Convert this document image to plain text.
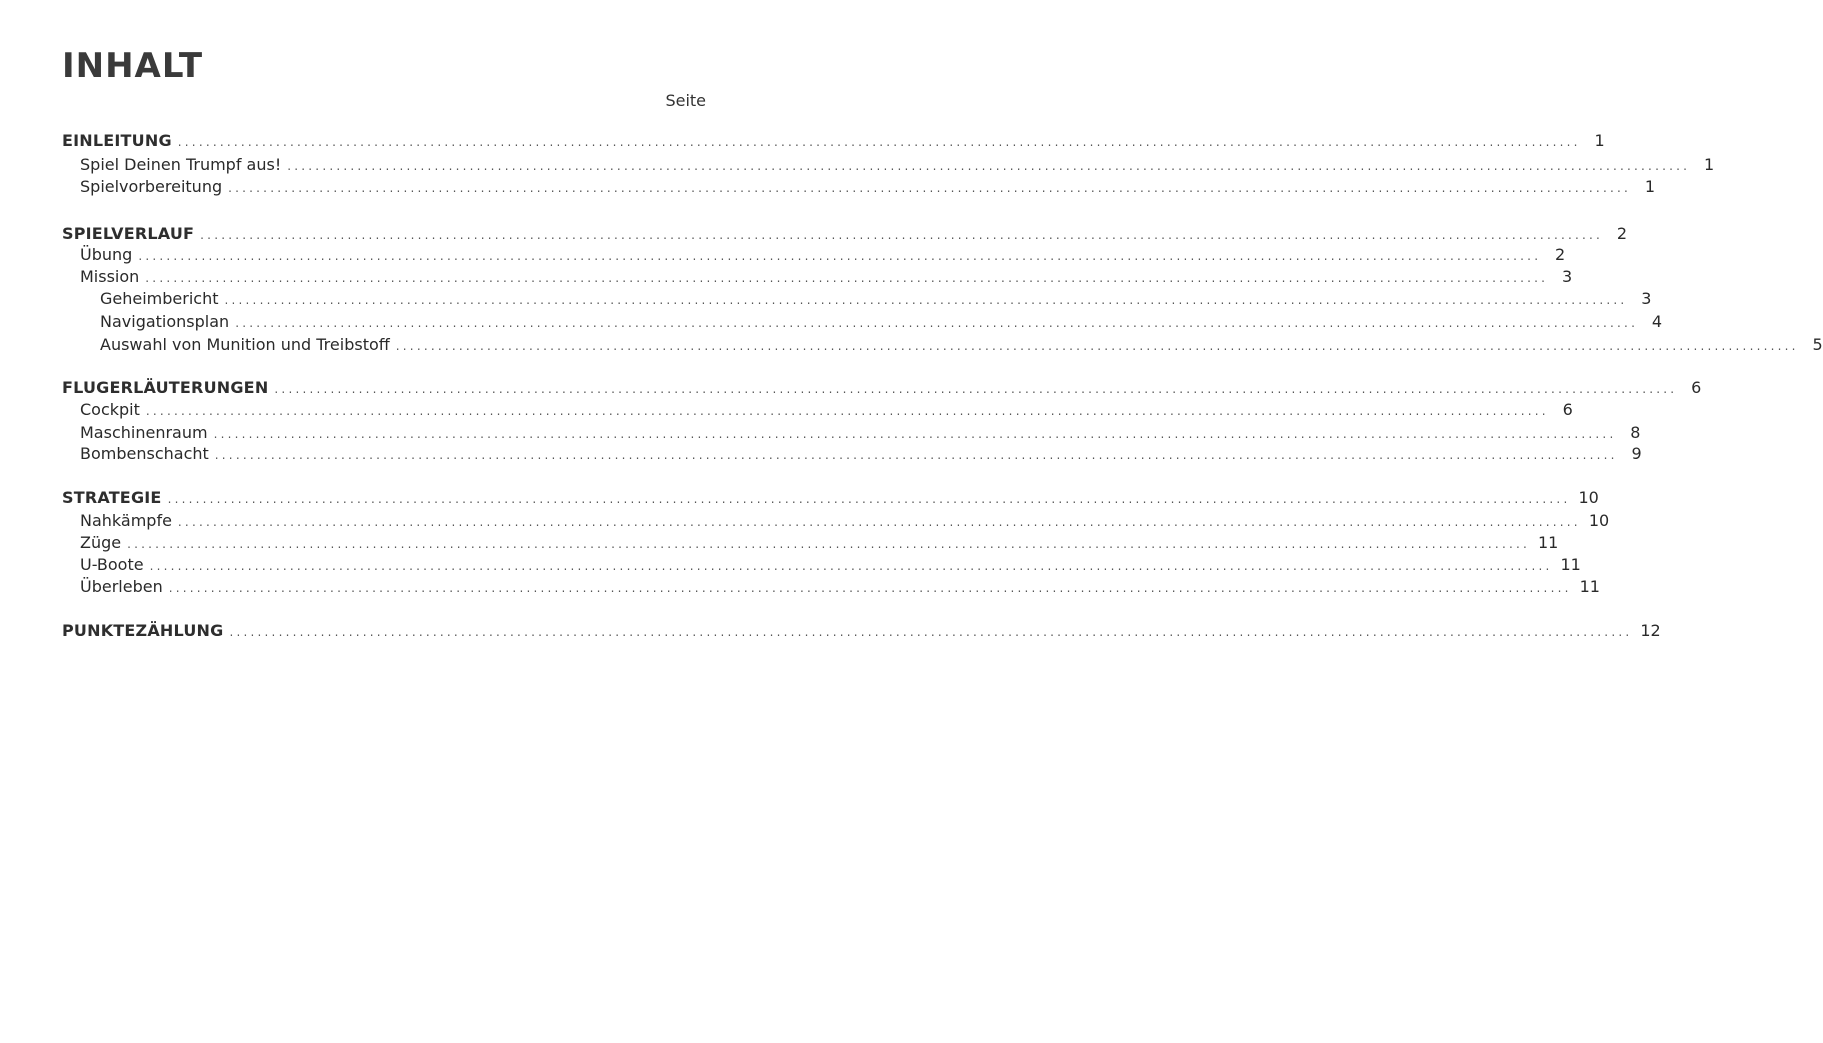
INHALT
Seite
EINLEITUNG ........................................................................................................................................................................................................ 1
Spiel Deinen Trumpf aus! ........................................................................................................................................................................................................ 1
Spielvorbereitung ........................................................................................................................................................................................................ 1
SPIELVERLAUF ........................................................................................................................................................................................................ 2
Übung ........................................................................................................................................................................................................ 2
Mission ........................................................................................................................................................................................................ 3
Geheimbericht ........................................................................................................................................................................................................ 3
Navigationsplan ........................................................................................................................................................................................................ 4
Auswahl von Munition und Treibstoff ........................................................................................................................................................................................................ 5
FLUGERLÄUTERUNGEN ........................................................................................................................................................................................................ 6
Cockpit ........................................................................................................................................................................................................ 6
Maschinenraum ........................................................................................................................................................................................................ 8
Bombenschacht ........................................................................................................................................................................................................ 9
STRATEGIE ........................................................................................................................................................................................................ 10
Nahkämpfe ........................................................................................................................................................................................................ 10
Züge ........................................................................................................................................................................................................ 11
U-Boote ........................................................................................................................................................................................................ 11
Überleben ........................................................................................................................................................................................................ 11
PUNKTEZÄHLUNG ........................................................................................................................................................................................................ 12
